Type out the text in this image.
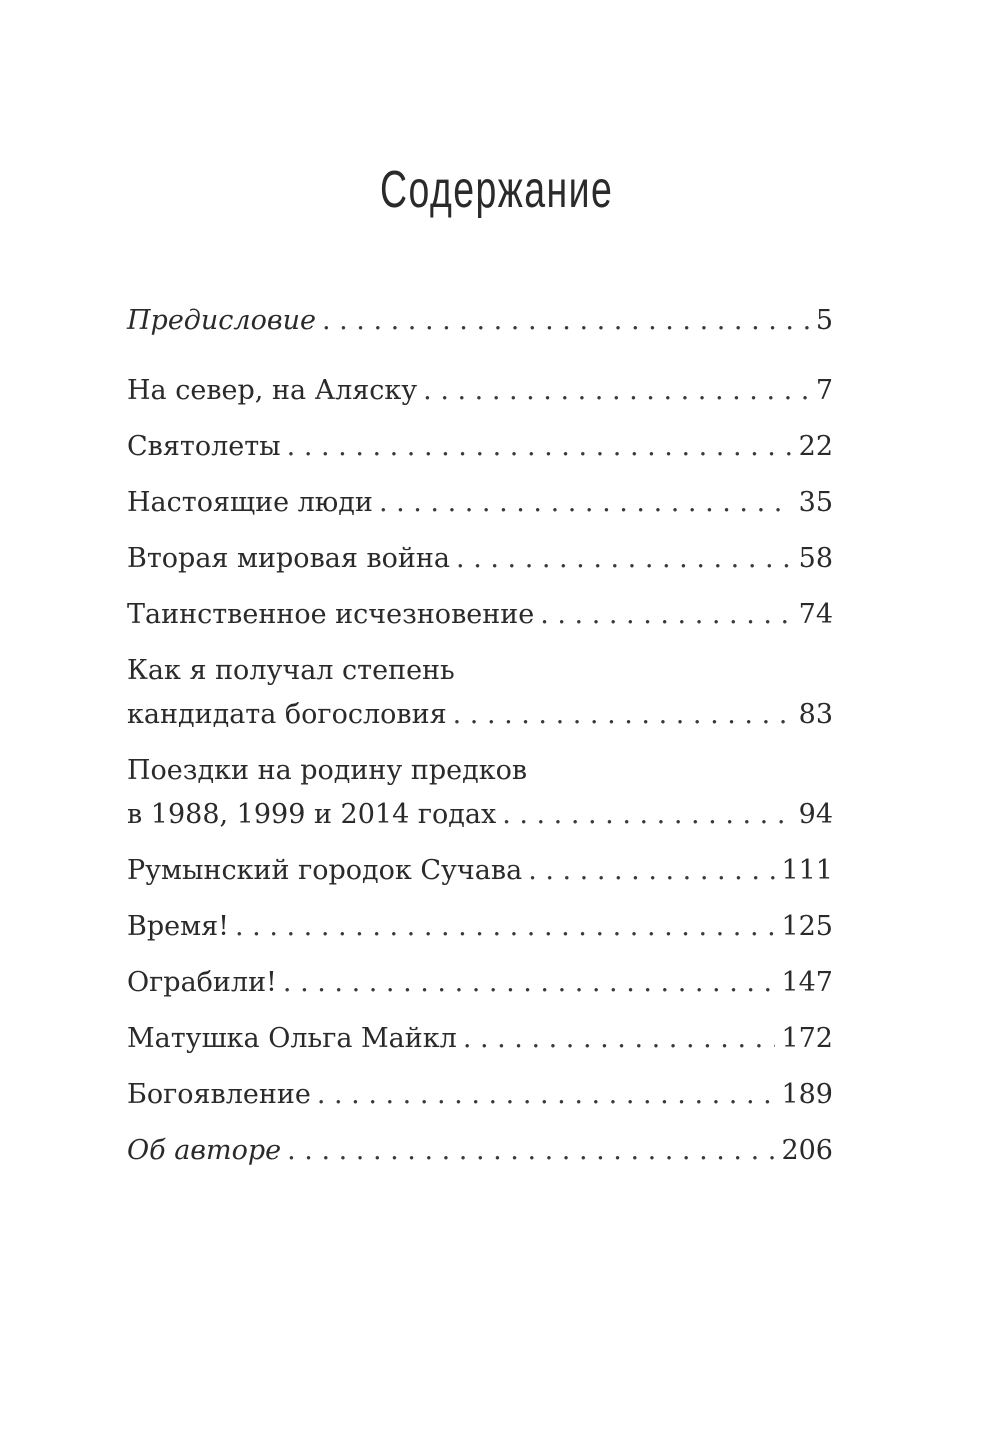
Содержание
Предисловие . . .	5
На север, на Аляску . . .	7
Святолеты . . .	22
Настоящие люди . . .	35
Вторая мировая война . . .	58
Таинственное исчезновение . . .	74
Как я получал степень
кандидата богословия . . .	83
Поездки на родину предков
в 1988, 1999 и 2014 годах . . .	94
Румынский городок Сучава . . .	111
Время! . . .	125
Ограбили! . . .	147
Матушка Ольга Майкл . . .	172
Богоявление . . .	189
Об авторе . . .	206
